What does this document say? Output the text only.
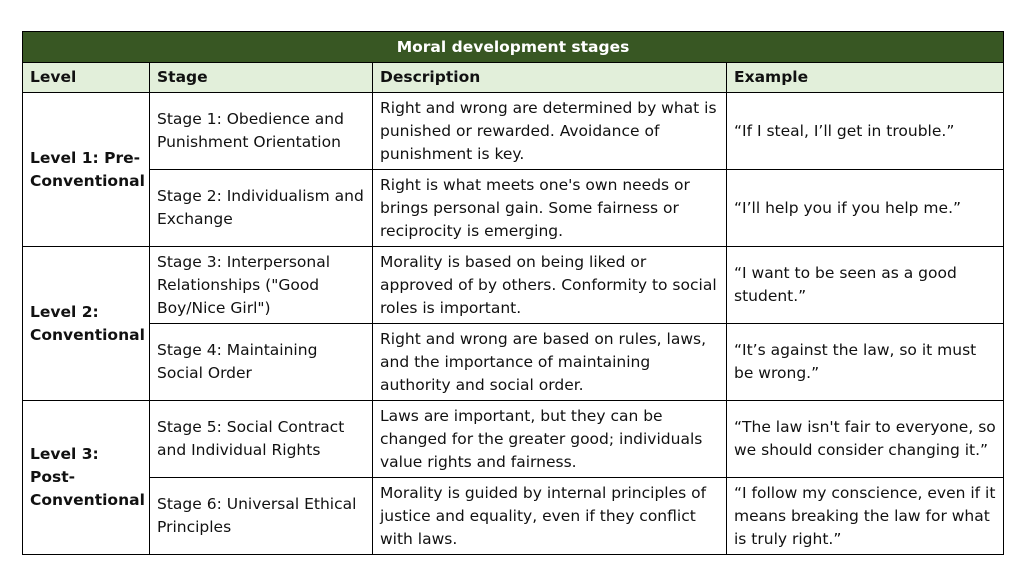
Moral development stages			
Level	Stage	Description	Example
Level 1: Pre-Conventional	Stage 1: Obedience and Punishment Orientation	Right and wrong are determined by what is punished or rewarded. Avoidance of punishment is key.	“If I steal, I’ll get in trouble.”
	Stage 2: Individualism and Exchange	Right is what meets one's own needs or brings personal gain. Some fairness or reciprocity is emerging.	“I’ll help you if you help me.”
Level 2: Conventional	Stage 3: Interpersonal Relationships ("Good Boy/Nice Girl")	Morality is based on being liked or approved of by others. Conformity to social roles is important.	“I want to be seen as a good student.”
	Stage 4: Maintaining Social Order	Right and wrong are based on rules, laws, and the importance of maintaining authority and social order.	“It’s against the law, so it must be wrong.”
Level 3: Post-Conventional	Stage 5: Social Contract and Individual Rights	Laws are important, but they can be changed for the greater good; individuals value rights and fairness.	“The law isn't fair to everyone, so we should consider changing it.”
	Stage 6: Universal Ethical Principles	Morality is guided by internal principles of justice and equality, even if they conflict with laws.	“I follow my conscience, even if it means breaking the law for what is truly right.”
